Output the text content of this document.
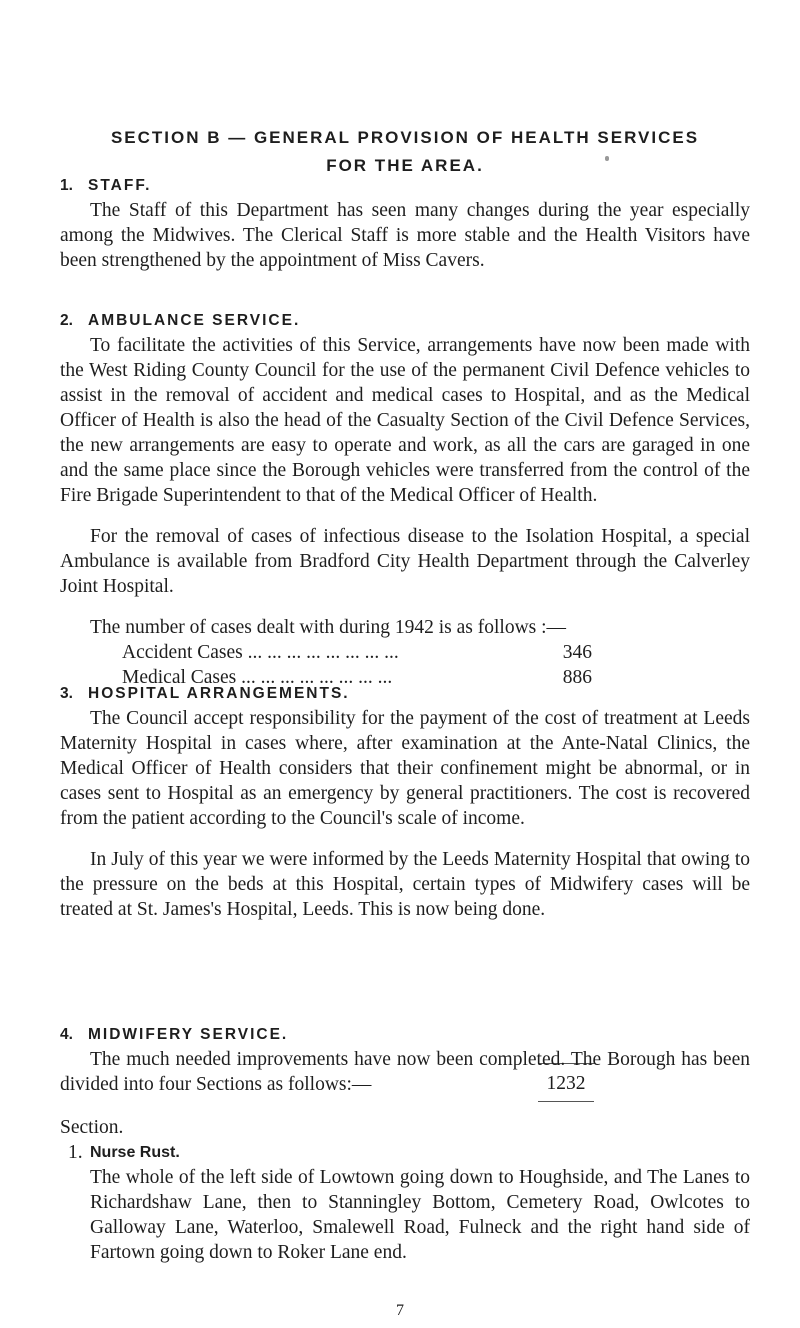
SECTION B — GENERAL PROVISION OF HEALTH SERVICES
FOR THE AREA.
1. STAFF.

The Staff of this Department has seen many changes during the year especially among the Midwives. The Clerical Staff is more stable and the Health Visitors have been strengthened by the appointment of Miss Cavers.

2. AMBULANCE SERVICE.

To facilitate the activities of this Service, arrangements have now been made with the West Riding County Council for the use of the permanent Civil Defence vehicles to assist in the removal of accident and medical cases to Hospital, and as the Medical Officer of Health is also the head of the Casualty Section of the Civil Defence Services, the new arrangements are easy to operate and work, as all the cars are garaged in one and the same place since the Borough vehicles were transferred from the control of the Fire Brigade Superintendent to that of the Medical Officer of Health.

For the removal of cases of infectious disease to the Isolation Hospital, a special Ambulance is available from Bradford City Health Department through the Calverley Joint Hospital.

The number of cases dealt with during 1942 is as follows :—

Accident Cases ... ... ... ... ... ... ... ...	346
Medical Cases ... ... ... ... ... ... ... ...	886
1232
3. HOSPITAL ARRANGEMENTS.

The Council accept responsibility for the payment of the cost of treatment at Leeds Maternity Hospital in cases where, after examination at the Ante-Natal Clinics, the Medical Officer of Health considers that their confinement might be abnormal, or in cases sent to Hospital as an emergency by general practitioners. The cost is recovered from the patient according to the Council's scale of income.

In July of this year we were informed by the Leeds Maternity Hospital that owing to the pressure on the beds at this Hospital, certain types of Midwifery cases will be treated at St. James's Hospital, Leeds. This is now being done.

4. MIDWIFERY SERVICE.

The much needed improvements have now been completed. The Borough has been divided into four Sections as follows:—

Section.
1. Nurse Rust.

The whole of the left side of Lowtown going down to Houghside, and The Lanes to Richardshaw Lane, then to Stanningley Bottom, Cemetery Road, Owlcotes to Galloway Lane, Waterloo, Smalewell Road, Fulneck and the right hand side of Fartown going down to Roker Lane end.

7
